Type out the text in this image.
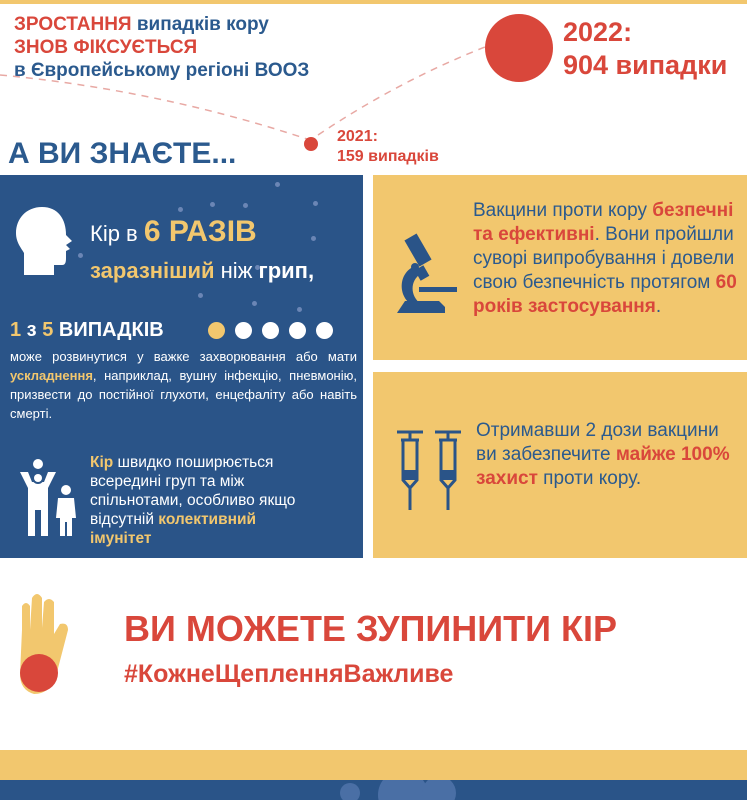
ЗРОСТАННЯ випадків кору
ЗНОВ ФІКСУЄТЬСЯ
в Європейському регіоні ВООЗ
2022:
904 випадки
2021:
159 випадків
А ВИ ЗНАЄТЕ...
Кір в 6 РАЗІВ
заразніший ніж грип,
1 з 5 ВИПАДКІВ
може розвинутися у важке захворювання або мати ускладнення, наприклад, вушну інфекцію, пневмонію, призвести до постійної глухоти, енцефаліту або навіть смерті.
Кір швидко поширюється всередині груп та між спільнотами, особливо якщо відсутній колективний імунітет
Вакцини проти кору безпечні та ефективні. Вони пройшли суворі випробування і довели свою безпечність протягом 60 років застосування.
Отримавши 2 дози вакцини ви забезпечите майже 100% захист проти кору.
ВИ МОЖЕТЕ ЗУПИНИТИ КІР
#КожнеЩепленняВажливе
